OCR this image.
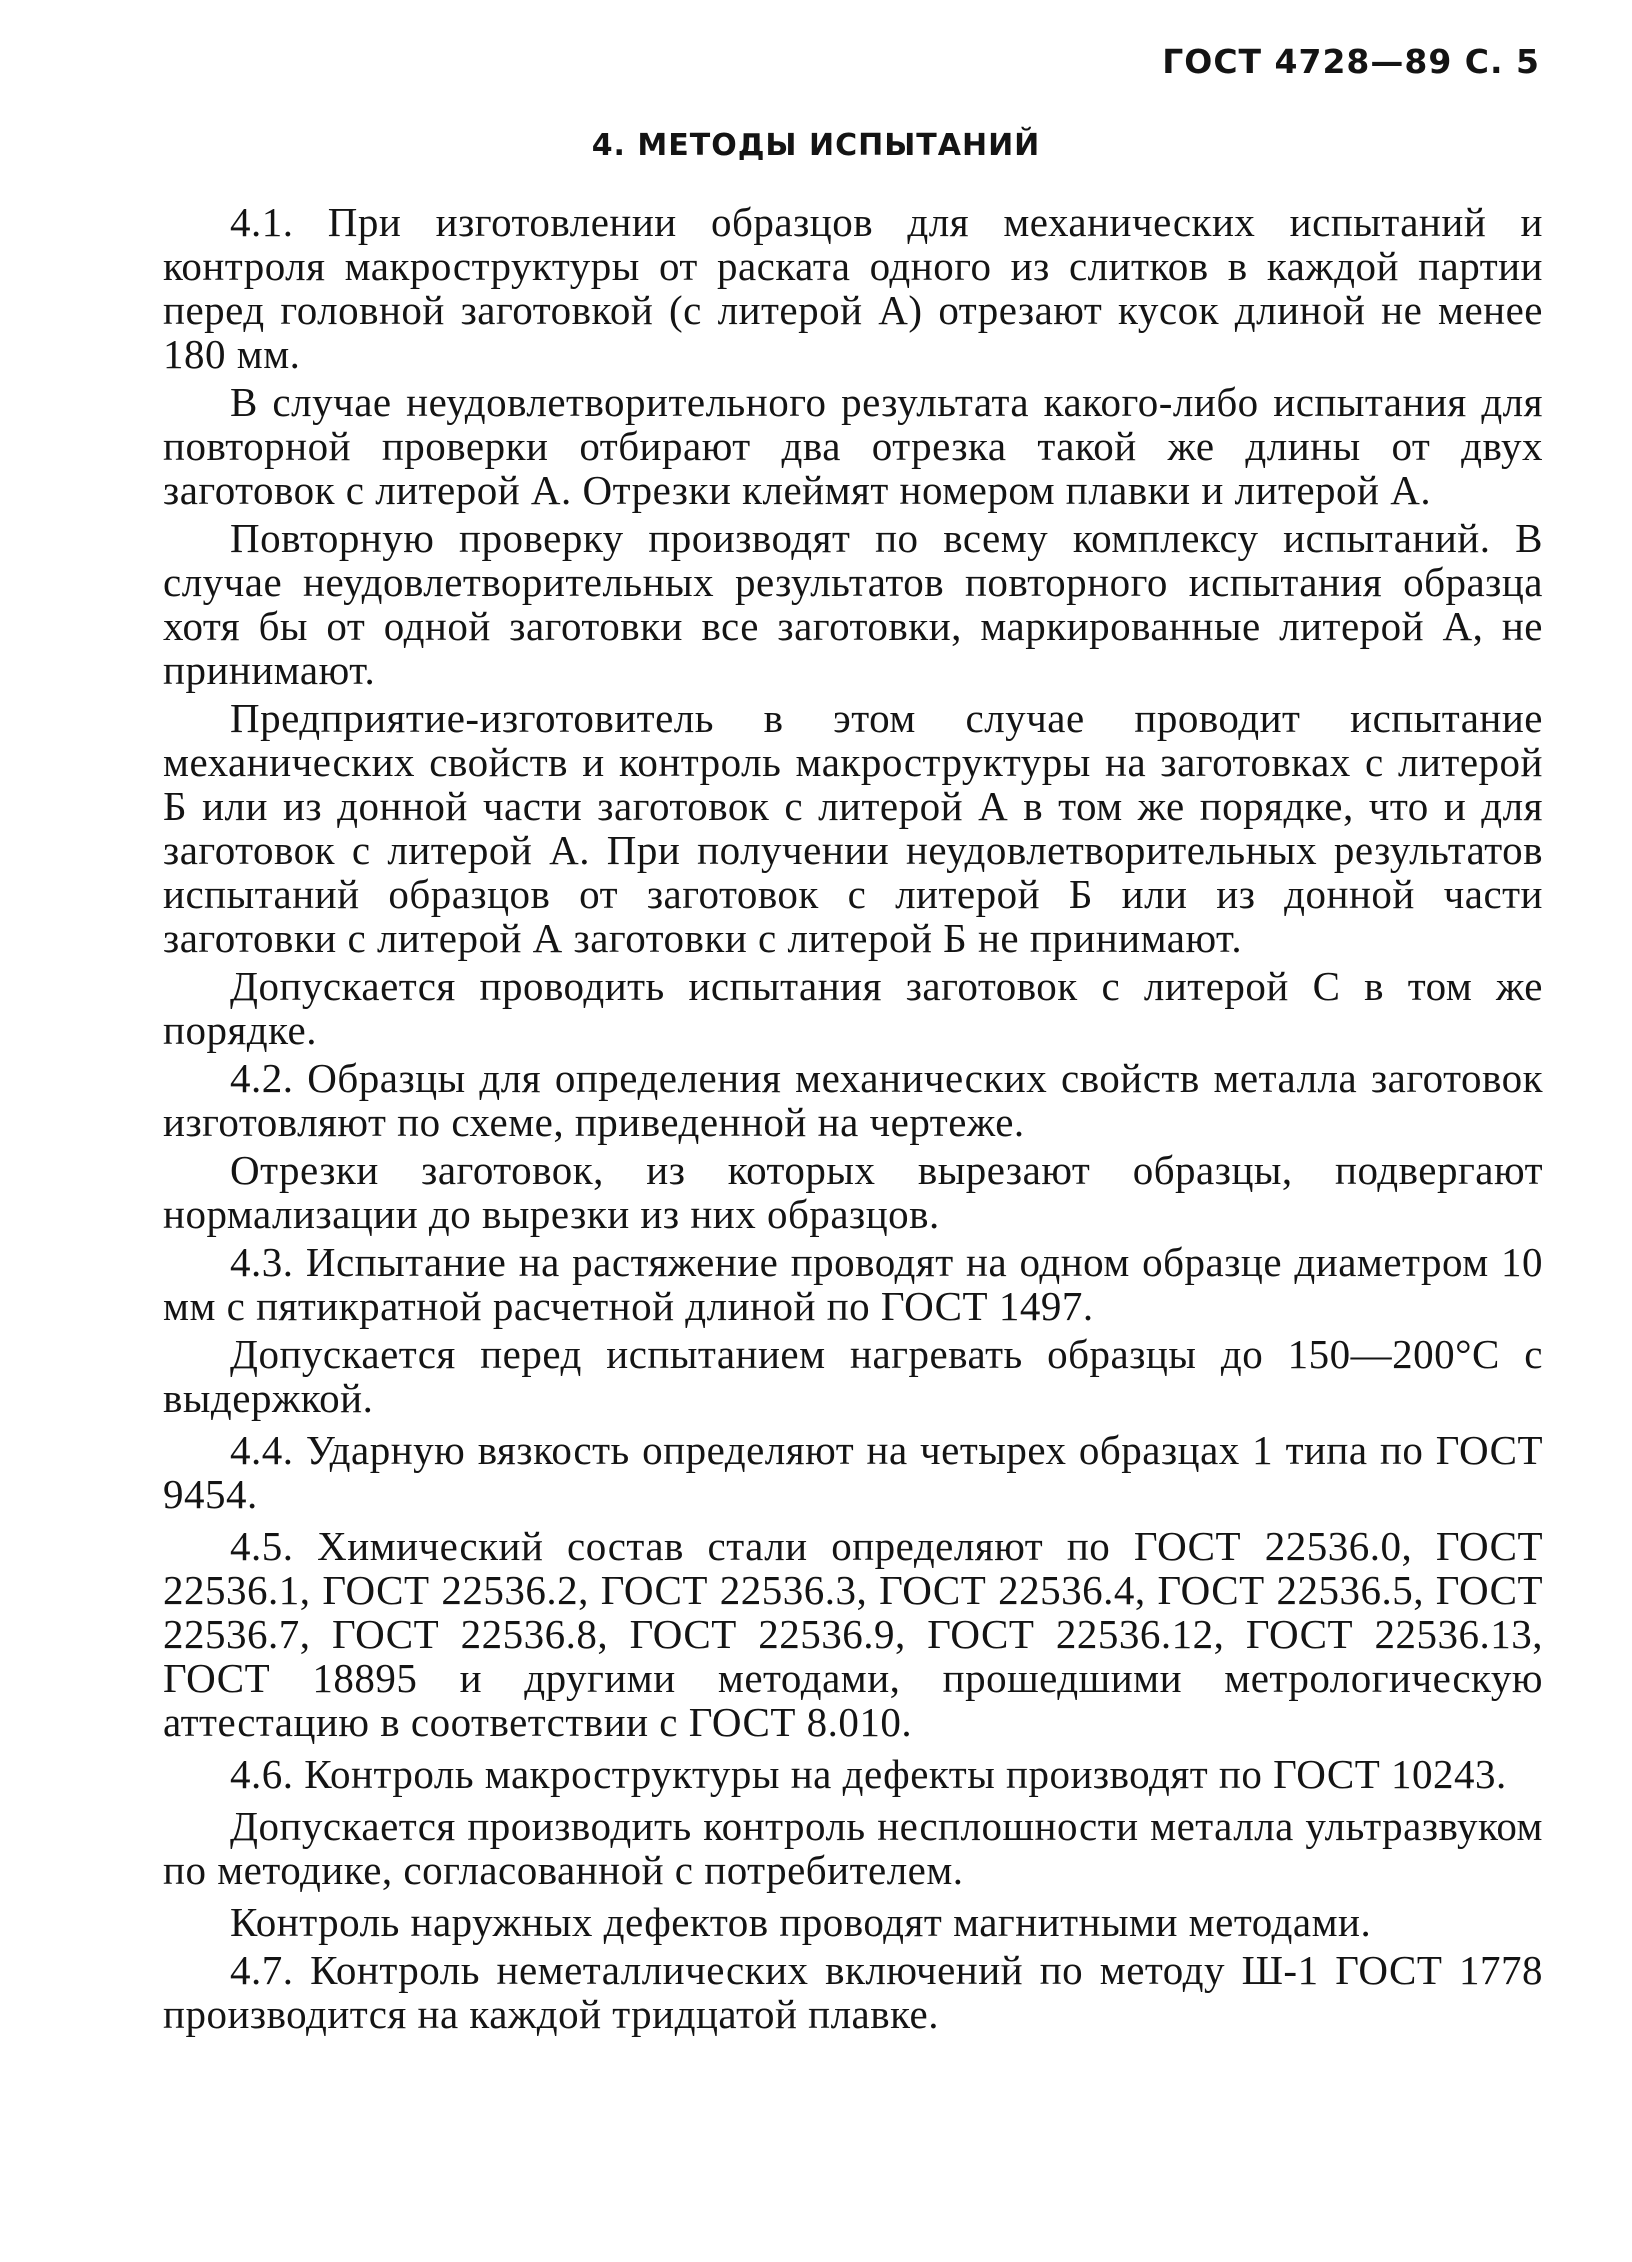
ГОСТ 4728—89 С. 5
4. МЕТОДЫ ИСПЫТАНИЙ

4.1. При изготовлении образцов для механических испытаний и контроля макроструктуры от раската одного из слитков в каждой партии перед головной заготовкой (с литерой А) отрезают кусок длиной не менее 180 мм.

В случае неудовлетворительного результата какого-либо испытания для повторной проверки отбирают два отрезка такой же длины от двух заготовок с литерой А. Отрезки клеймят номером плавки и литерой А.

Повторную проверку производят по всему комплексу испытаний. В случае неудовлетворительных результатов повторного испытания образца хотя бы от одной заготовки все заготовки, маркированные литерой А, не принимают.

Предприятие-изготовитель в этом случае проводит испытание механических свойств и контроль макроструктуры на заготовках с литерой Б или из донной части заготовок с литерой А в том же порядке, что и для заготовок с литерой А. При получении неудовлетворительных результатов испытаний образцов от заготовок с литерой Б или из донной части заготовки с литерой А заготовки с литерой Б не принимают.

Допускается проводить испытания заготовок с литерой С в том же порядке.

4.2. Образцы для определения механических свойств металла заготовок изготовляют по схеме, приведенной на чертеже.

Отрезки заготовок, из которых вырезают образцы, подвергают нормализации до вырезки из них образцов.

4.3. Испытание на растяжение проводят на одном образце диаметром 10 мм с пятикратной расчетной длиной по ГОСТ 1497.

Допускается перед испытанием нагревать образцы до 150—200°С с выдержкой.

4.4. Ударную вязкость определяют на четырех образцах 1 типа по ГОСТ 9454.

4.5. Химический состав стали определяют по ГОСТ 22536.0, ГОСТ 22536.1, ГОСТ 22536.2, ГОСТ 22536.3, ГОСТ 22536.4, ГОСТ 22536.5, ГОСТ 22536.7, ГОСТ 22536.8, ГОСТ 22536.9, ГОСТ 22536.12, ГОСТ 22536.13, ГОСТ 18895 и другими методами, прошедшими метрологическую аттестацию в соответствии с ГОСТ 8.010.

4.6. Контроль макроструктуры на дефекты производят по ГОСТ 10243.

Допускается производить контроль несплошности металла ультразвуком по методике, согласованной с потребителем.

Контроль наружных дефектов проводят магнитными методами.

4.7. Контроль неметаллических включений по методу Ш-1 ГОСТ 1778 производится на каждой тридцатой плавке.
